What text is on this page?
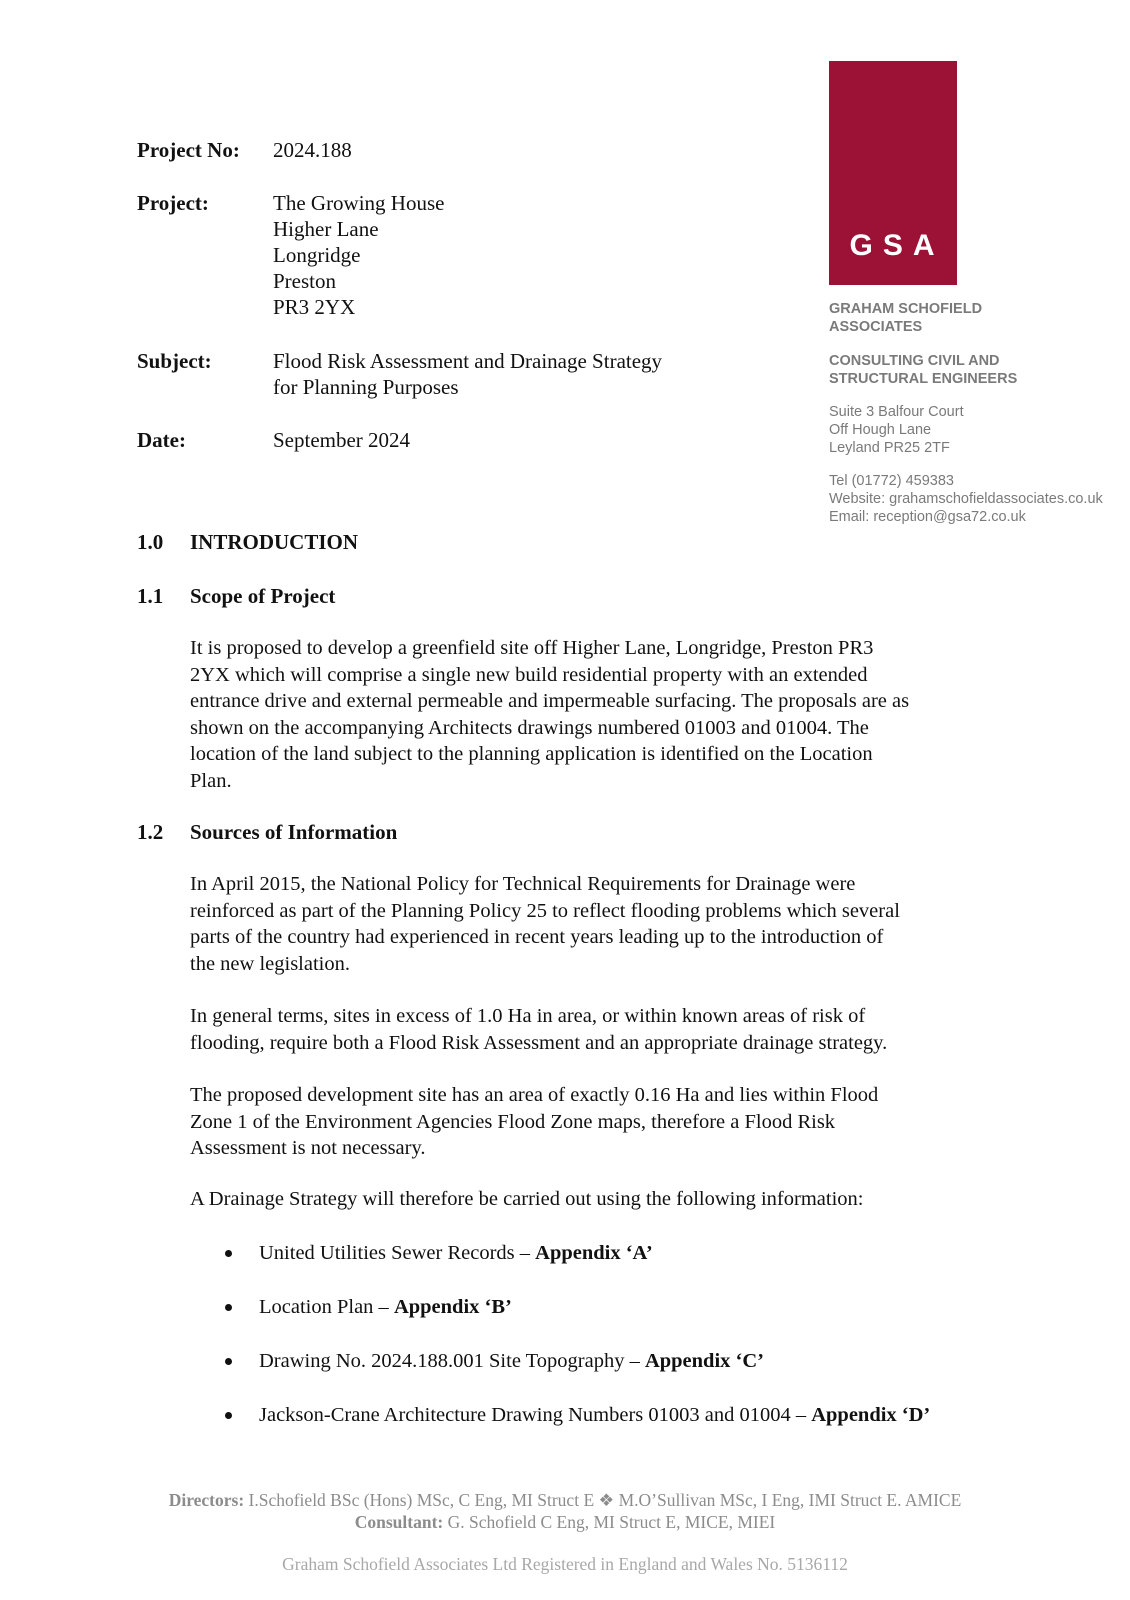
Project No: 2024.188
Project:	The Growing House
Higher Lane
Longridge
Preston
PR3 2YX
Subject:	Flood Risk Assessment and Drainage Strategy
for Planning Purposes
Date:	September 2024
GSA
GRAHAM SCHOFIELD
ASSOCIATES
CONSULTING CIVIL AND
STRUCTURAL ENGINEERS
Suite 3 Balfour Court
Off Hough Lane
Leyland PR25 2TF
Tel (01772) 459383
Website: grahamschofieldassociates.co.uk
Email: reception@gsa72.co.uk
1.0 INTRODUCTION
1.1 Scope of Project
It is proposed to develop a greenfield site off Higher Lane, Longridge, Preston PR3
2YX which will comprise a single new build residential property with an extended
entrance drive and external permeable and impermeable surfacing. The proposals are as
shown on the accompanying Architects drawings numbered 01003 and 01004. The
location of the land subject to the planning application is identified on the Location
Plan.
1.2 Sources of Information
In April 2015, the National Policy for Technical Requirements for Drainage were
reinforced as part of the Planning Policy 25 to reflect flooding problems which several
parts of the country had experienced in recent years leading up to the introduction of
the new legislation.
In general terms, sites in excess of 1.0 Ha in area, or within known areas of risk of
flooding, require both a Flood Risk Assessment and an appropriate drainage strategy.
The proposed development site has an area of exactly 0.16 Ha and lies within Flood
Zone 1 of the Environment Agencies Flood Zone maps, therefore a Flood Risk
Assessment is not necessary.
A Drainage Strategy will therefore be carried out using the following information:
United Utilities Sewer Records – Appendix ‘A’
Location Plan – Appendix ‘B’
Drawing No. 2024.188.001 Site Topography – Appendix ‘C’
Jackson-Crane Architecture Drawing Numbers 01003 and 01004 – Appendix ‘D’
Directors: I.Schofield BSc (Hons) MSc, C Eng, MI Struct E ❖ M.O’Sullivan MSc, I Eng, IMI Struct E. AMICE
Consultant: G. Schofield C Eng, MI Struct E, MICE, MIEI
Graham Schofield Associates Ltd Registered in England and Wales No. 5136112
